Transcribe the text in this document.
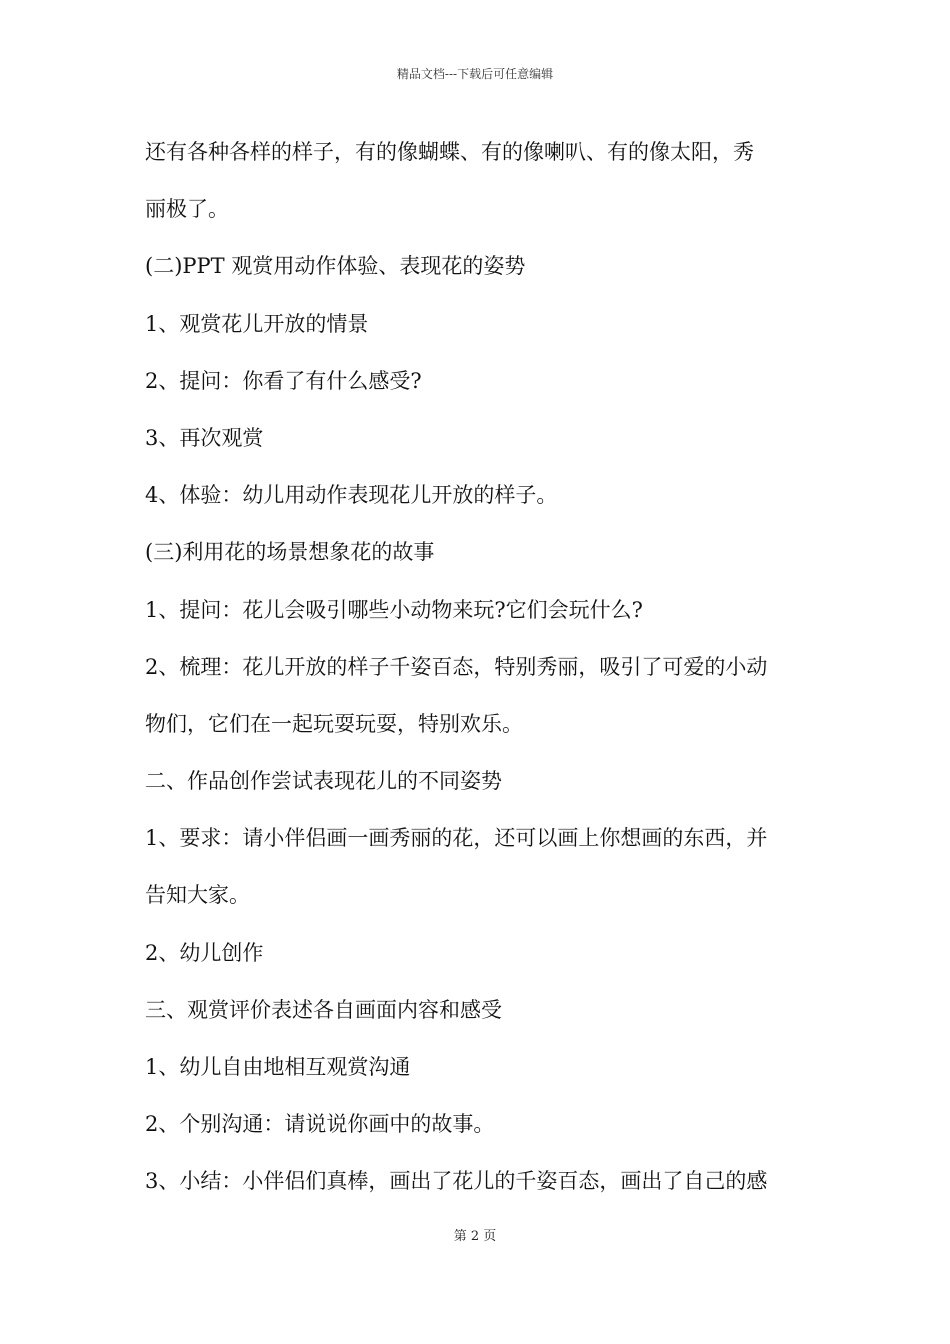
精品文档---下载后可任意编辑
还有各种各样的样子，有的像蝴蝶、有的像喇叭、有的像太阳，秀
丽极了。
(二)PPT 观赏用动作体验、表现花的姿势
1、观赏花儿开放的情景
2、提问：你看了有什么感受?
3、再次观赏
4、体验：幼儿用动作表现花儿开放的样子。
(三)利用花的场景想象花的故事
1、提问：花儿会吸引哪些小动物来玩?它们会玩什么?
2、梳理：花儿开放的样子千姿百态，特别秀丽，吸引了可爱的小动
物们，它们在一起玩耍玩耍，特别欢乐。
二、作品创作尝试表现花儿的不同姿势
1、要求：请小伴侣画一画秀丽的花，还可以画上你想画的东西，并
告知大家。
2、幼儿创作
三、观赏评价表述各自画面内容和感受
1、幼儿自由地相互观赏沟通
2、个别沟通：请说说你画中的故事。
3、小结：小伴侣们真棒，画出了花儿的千姿百态，画出了自己的感
第 2 页
